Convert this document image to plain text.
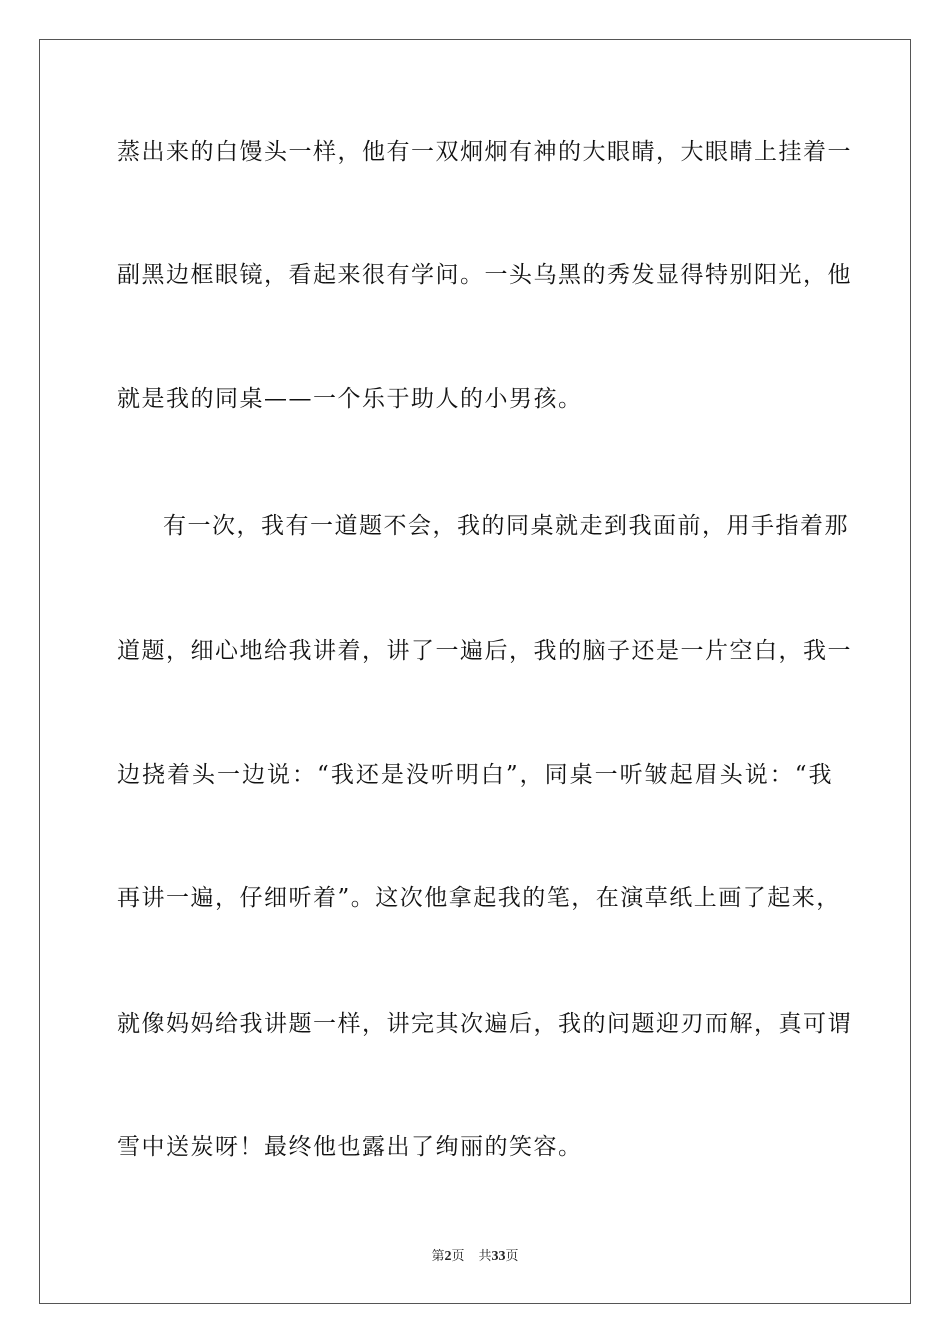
蒸出来的白馒头一样，他有一双炯炯有神的大眼睛，大眼睛上挂着一
副黑边框眼镜，看起来很有学问。一头乌黑的秀发显得特别阳光，他
就是我的同桌——一个乐于助人的小男孩。
有一次，我有一道题不会，我的同桌就走到我面前，用手指着那
道题，细心地给我讲着，讲了一遍后，我的脑子还是一片空白，我一
边挠着头一边说：“我还是没听明白”，同桌一听皱起眉头说：“我
再讲一遍，仔细听着”。这次他拿起我的笔，在演草纸上画了起来，
就像妈妈给我讲题一样，讲完其次遍后，我的问题迎刃而解，真可谓
雪中送炭呀！最终他也露出了绚丽的笑容。
第2页 共33页
